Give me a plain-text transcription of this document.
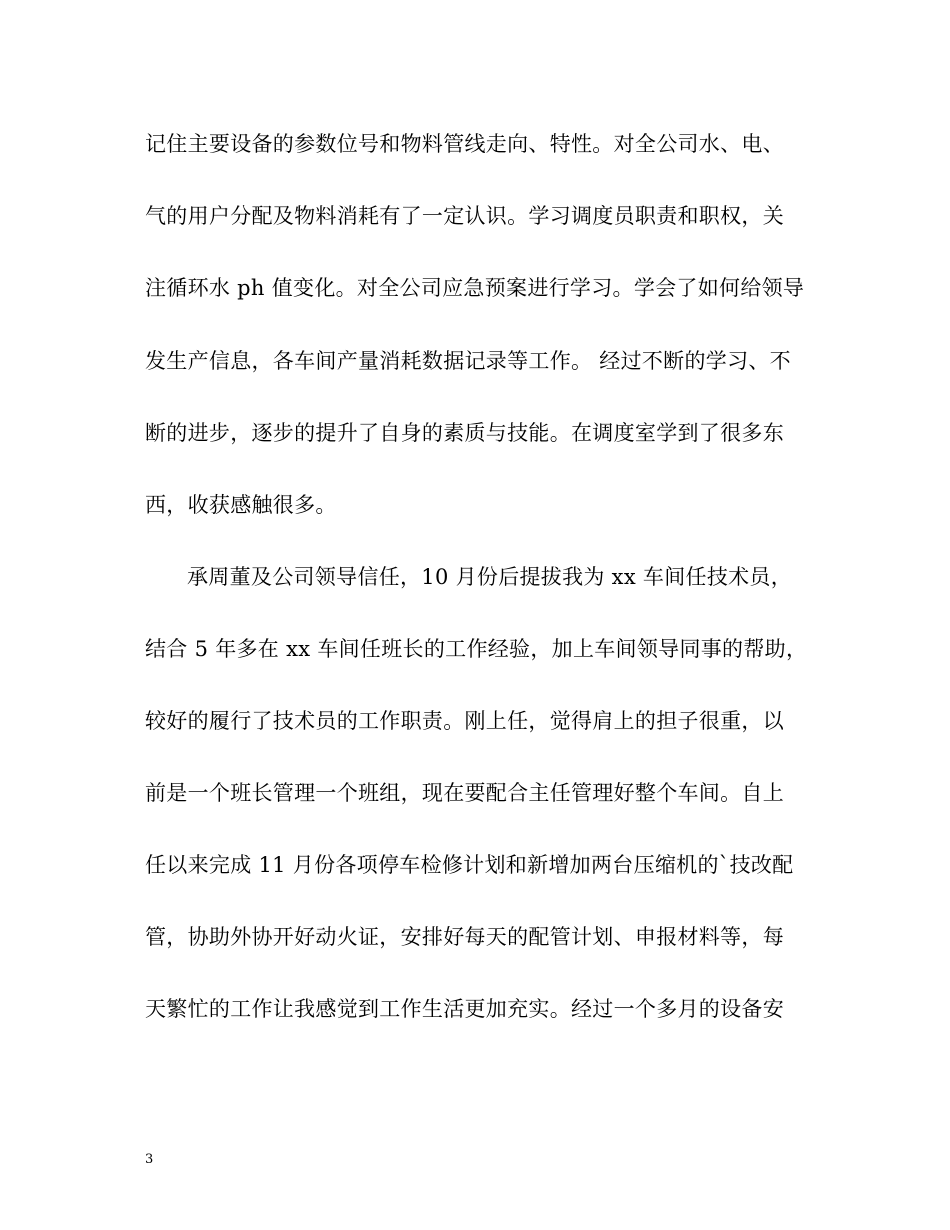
记住主要设备的参数位号和物料管线走向、特性。对全公司水、电、
气的用户分配及物料消耗有了一定认识。学习调度员职责和职权，关
注循环水 ph 值变化。对全公司应急预案进行学习。学会了如何给领导
发生产信息，各车间产量消耗数据记录等工作。 经过不断的学习、不
断的进步，逐步的提升了自身的素质与技能。在调度室学到了很多东
西，收获感触很多。
承周董及公司领导信任，10 月份后提拔我为 xx 车间任技术员，
结合 5 年多在 xx 车间任班长的工作经验，加上车间领导同事的帮助，
较好的履行了技术员的工作职责。刚上任，觉得肩上的担子很重，以
前是一个班长管理一个班组，现在要配合主任管理好整个车间。自上
任以来完成 11 月份各项停车检修计划和新增加两台压缩机的`技改配
管，协助外协开好动火证，安排好每天的配管计划、申报材料等，每
天繁忙的工作让我感觉到工作生活更加充实。经过一个多月的设备安
3
